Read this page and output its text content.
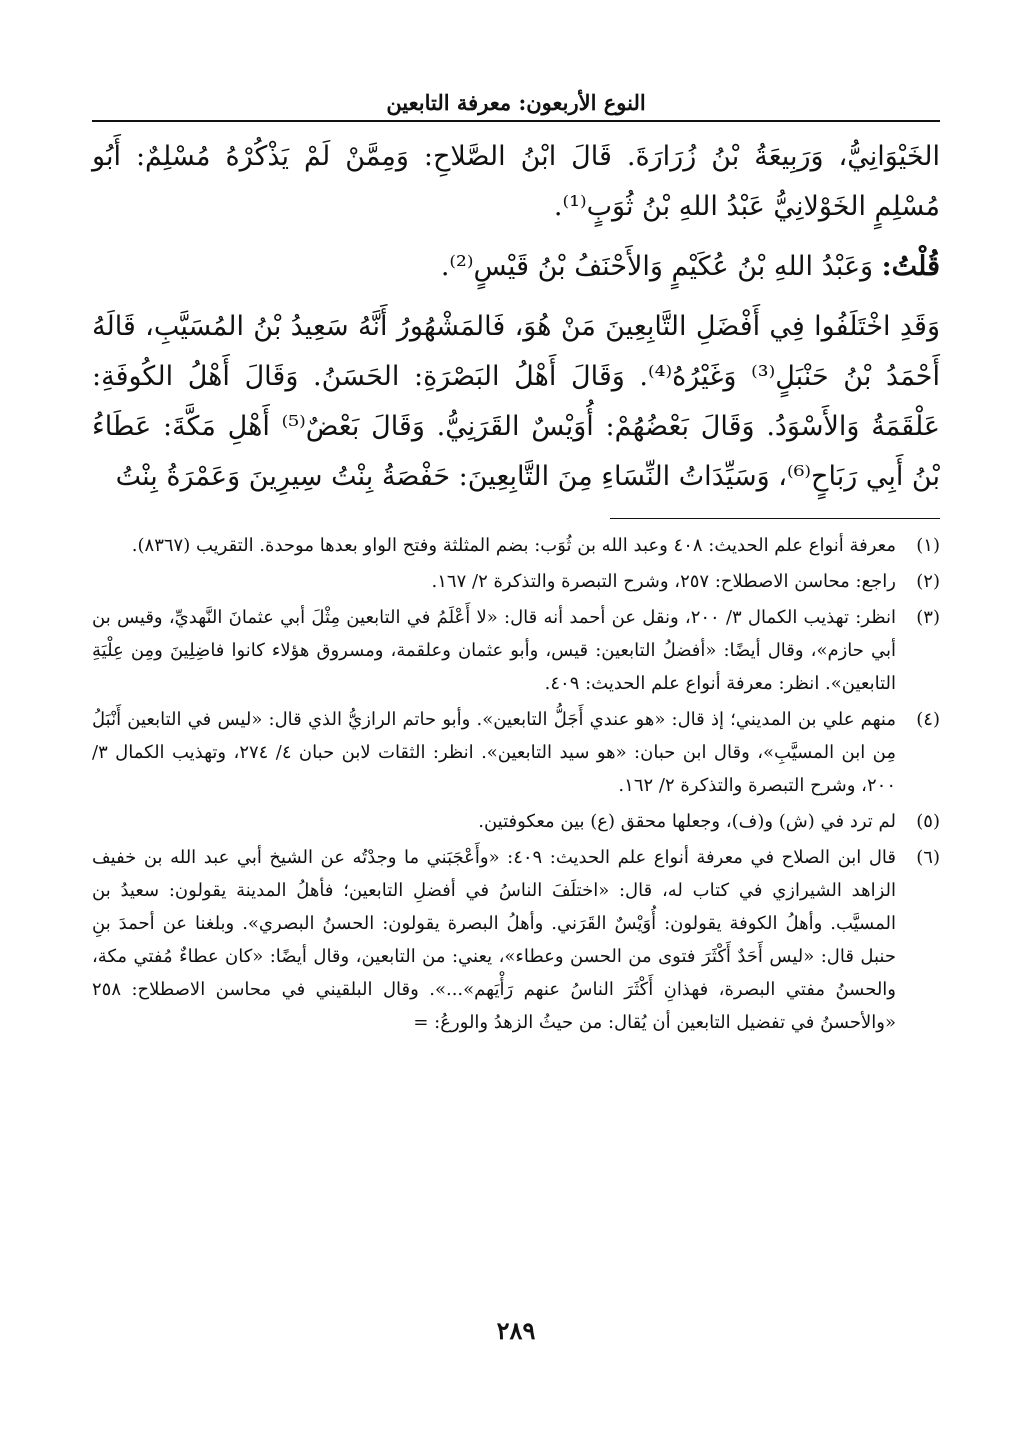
النوع الأربعون: معرفة التابعين

الخَيْوَانِيُّ، وَرَبِيعَةُ بْنُ زُرَارَةَ. قَالَ ابْنُ الصَّلاحِ: وَمِمَّنْ لَمْ يَذْكُرْهُ مُسْلِمٌ: أَبُو مُسْلِمٍ الخَوْلانِيُّ عَبْدُ اللهِ بْنُ ثُوَبٍ⁽¹⁾.

قُلْتُ: وَعَبْدُ اللهِ بْنُ عُكَيْمٍ وَالأَحْنَفُ بْنُ قَيْسٍ⁽²⁾.

وَقَدِ اخْتَلَفُوا فِي أَفْضَلِ التَّابِعِينَ مَنْ هُوَ، فَالمَشْهُورُ أَنَّهُ سَعِيدُ بْنُ المُسَيَّبِ، قَالَهُ أَحْمَدُ بْنُ حَنْبَلٍ⁽³⁾ وَغَيْرُهُ⁽⁴⁾. وَقَالَ أَهْلُ البَصْرَةِ: الحَسَنُ. وَقَالَ أَهْلُ الكُوفَةِ: عَلْقَمَةُ وَالأَسْوَدُ. وَقَالَ بَعْضُهُمْ: أُوَيْسٌ القَرَنِيُّ. وَقَالَ بَعْضٌ⁽⁵⁾ أَهْلِ مَكَّةَ: عَطَاءُ بْنُ أَبِي رَبَاحٍ⁽⁶⁾، وَسَيِّدَاتُ النِّسَاءِ مِنَ التَّابِعِينَ: حَفْصَةُ بِنْتُ سِيرِينَ وَعَمْرَةُ بِنْتُ

(١)
معرفة أنواع علم الحديث: ٤٠٨ وعبد الله بن ثُوَب: بضم المثلثة وفتح الواو بعدها موحدة. التقريب (٨٣٦٧).
(٢)
راجع: محاسن الاصطلاح: ٢٥٧، وشرح التبصرة والتذكرة ٢/ ١٦٧.
(٣)
انظر: تهذيب الكمال ٣/ ٢٠٠، ونقل عن أحمد أنه قال: «لا أَعْلَمُ في التابعين مِثْلَ أبي عثمانَ النَّهديِّ، وقيس بن أبي حازم»، وقال أيضًا: «أفضلُ التابعين: قيس، وأبو عثمان وعلقمة، ومسروق هؤلاء كانوا فاضِلِينَ ومِن عِلْيَةِ التابعين». انظر: معرفة أنواع علم الحديث: ٤٠٩.
(٤)
منهم علي بن المديني؛ إذ قال: «هو عندي أَجَلُّ التابعين». وأبو حاتم الرازيُّ الذي قال: «ليس في التابعين أَنْبَلُ مِن ابن المسيَّبِ»، وقال ابن حبان: «هو سيد التابعين». انظر: الثقات لابن حبان ٤/ ٢٧٤، وتهذيب الكمال ٣/ ٢٠٠، وشرح التبصرة والتذكرة ٢/ ١٦٢.
(٥)
لم ترد في (ش) و(ف)، وجعلها محقق (ع) بين معكوفتين.
(٦)
قال ابن الصلاح في معرفة أنواع علم الحديث: ٤٠٩: «وأَعْجَبَني ما وجدْتُه عن الشيخ أبي عبد الله بن خفيف الزاهد الشيرازي في كتاب له، قال: «اختلَفَ الناسُ في أفضلِ التابعين؛ فأهلُ المدينة يقولون: سعيدُ بن المسيَّب. وأهلُ الكوفة يقولون: أُوَيْسٌ القَرَني. وأهلُ البصرة يقولون: الحسنُ البصري». وبلغنا عن أحمدَ بنِ حنبل قال: «ليس أَحَدٌ أَكْثَرَ فتوى من الحسن وعطاء»، يعني: من التابعين، وقال أيضًا: «كان عطاءٌ مُفتي مكة، والحسنُ مفتي البصرة، فهذانِ أَكْثَرَ الناسُ عنهم رَأْيَهم»...». وقال البلقيني في محاسن الاصطلاح: ٢٥٨ «والأحسنُ في تفضيل التابعين أن يُقال: من حيثُ الزهدُ والورعُ: =
٢٨٩
